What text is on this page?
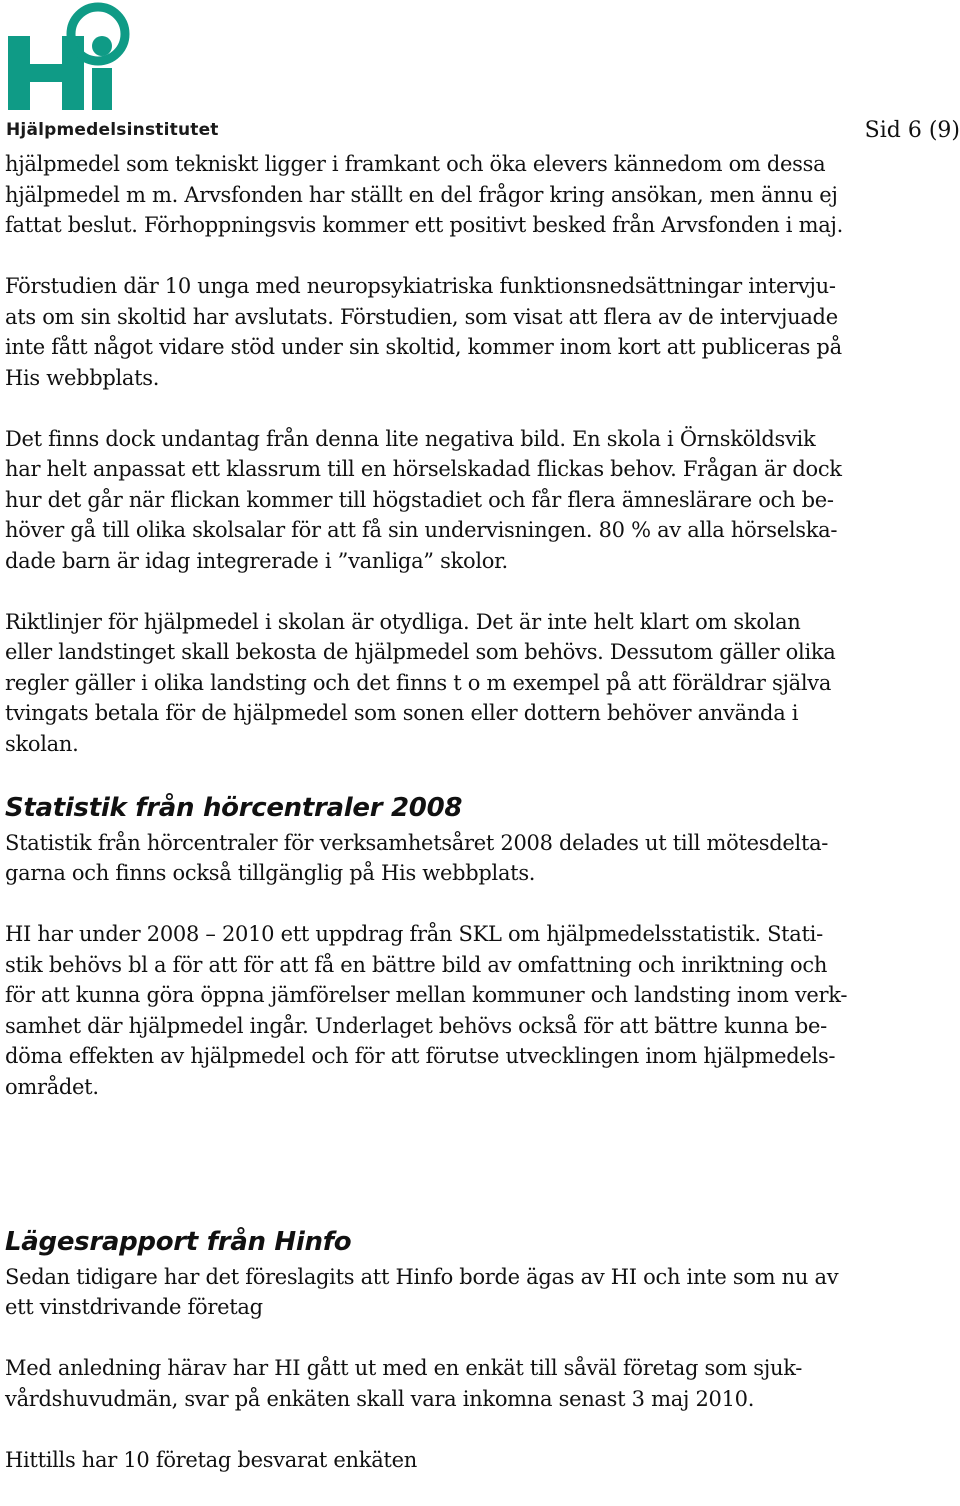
Hjälpmedelsinstitutet	Sid 6 (9)

hjälpmedel som tekniskt ligger i framkant och öka elevers kännedom om dessa
hjälpmedel m m. Arvsfonden har ställt en del frågor kring ansökan, men ännu ej
fattat beslut. Förhoppningsvis kommer ett positivt besked från Arvsfonden i maj.

Förstudien där 10 unga med neuropsykiatriska funktionsnedsättningar intervju-
ats om sin skoltid har avslutats. Förstudien, som visat att flera av de intervjuade
inte fått något vidare stöd under sin skoltid, kommer inom kort att publiceras på
His webbplats.

Det finns dock undantag från denna lite negativa bild. En skola i Örnsköldsvik
har helt anpassat ett klassrum till en hörselskadad flickas behov. Frågan är dock
hur det går när flickan kommer till högstadiet och får flera ämneslärare och be-
höver gå till olika skolsalar för att få sin undervisningen. 80 % av alla hörselska-
dade barn är idag integrerade i ”vanliga” skolor.

Riktlinjer för hjälpmedel i skolan är otydliga. Det är inte helt klart om skolan
eller landstinget skall bekosta de hjälpmedel som behövs. Dessutom gäller olika
regler gäller i olika landsting och det finns t o m exempel på att föräldrar själva
tvingats betala för de hjälpmedel som sonen eller dottern behöver använda i
skolan.

Statistik från hörcentraler 2008

Statistik från hörcentraler för verksamhetsåret 2008 delades ut till mötesdelta-
garna och finns också tillgänglig på His webbplats.

HI har under 2008 – 2010 ett uppdrag från SKL om hjälpmedelsstatistik. Stati-
stik behövs bl a för att för att få en bättre bild av omfattning och inriktning och
för att kunna göra öppna jämförelser mellan kommuner och landsting inom verk-
samhet där hjälpmedel ingår. Underlaget behövs också för att bättre kunna be-
döma effekten av hjälpmedel och för att förutse utvecklingen inom hjälpmedels-
området.

Lägesrapport från Hinfo

Sedan tidigare har det föreslagits att Hinfo borde ägas av HI och inte som nu av
ett vinstdrivande företag

Med anledning härav har HI gått ut med en enkät till såväl företag som sjuk-
vårdshuvudmän, svar på enkäten skall vara inkomna senast 3 maj 2010.

Hittills har 10 företag besvarat enkäten
